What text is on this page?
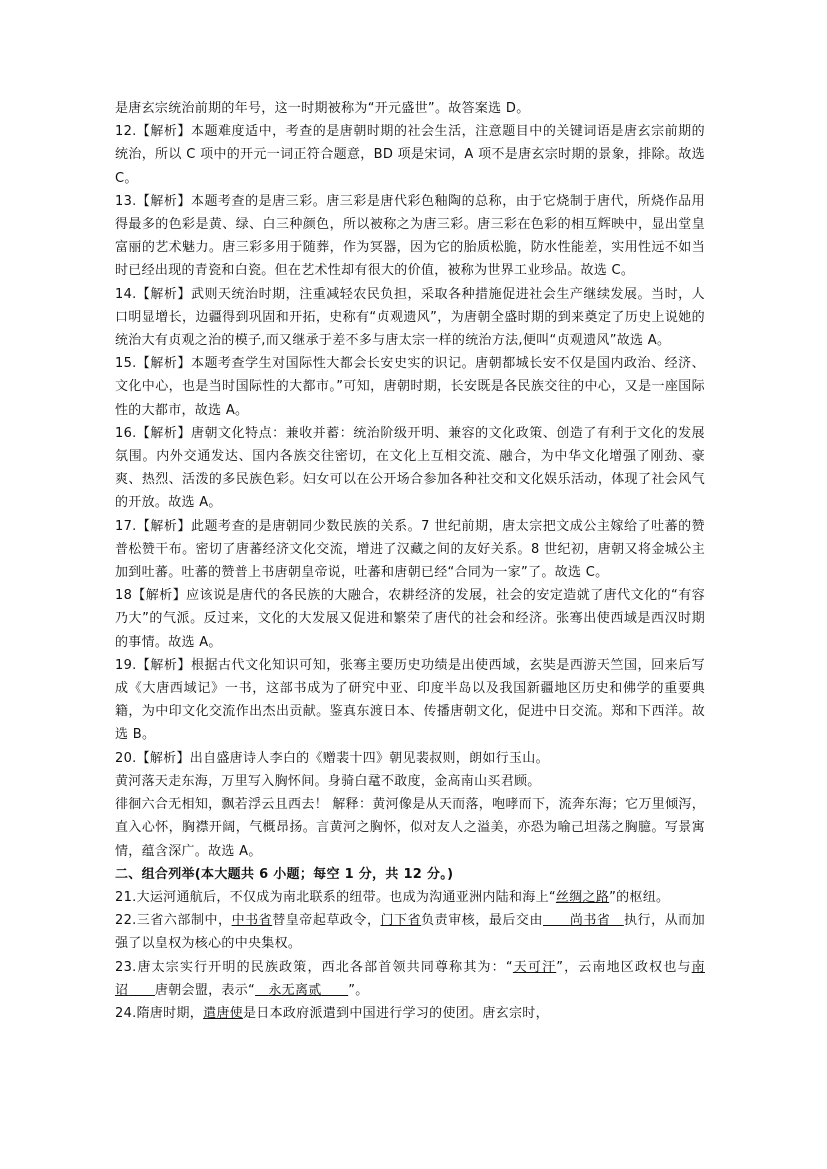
是唐玄宗统治前期的年号，这一时期被称为“开元盛世”。故答案选 D。

12.【解析】本题难度适中，考查的是唐朝时期的社会生活，注意题目中的关键词语是唐玄宗前期的统治，所以 C 项中的开元一词正符合题意，BD 项是宋词，A 项不是唐玄宗时期的景象，排除。故选 C。

13.【解析】本题考查的是唐三彩。唐三彩是唐代彩色釉陶的总称，由于它烧制于唐代，所烧作品用得最多的色彩是黄、绿、白三种颜色，所以被称之为唐三彩。唐三彩在色彩的相互辉映中，显出堂皇富丽的艺术魅力。唐三彩多用于随葬，作为冥器，因为它的胎质松脆，防水性能差，实用性远不如当时已经出现的青瓷和白瓷。但在艺术性却有很大的价值，被称为世界工业珍品。故选 C。

14.【解析】武则天统治时期，注重减轻农民负担，采取各种措施促进社会生产继续发展。当时，人口明显增长，边疆得到巩固和开拓，史称有“贞观遗风”，为唐朝全盛时期的到来奠定了历史上说她的统治大有贞观之治的模子,而又继承于差不多与唐太宗一样的统治方法,便叫“贞观遗风”故选 A。

15.【解析】本题考查学生对国际性大都会长安史实的识记。唐朝都城长安不仅是国内政治、经济、文化中心，也是当时国际性的大都市。”可知，唐朝时期，长安既是各民族交往的中心，又是一座国际性的大都市，故选 A。

16.【解析】唐朝文化特点：兼收并蓄：统治阶级开明、兼容的文化政策、创造了有利于文化的发展氛围。内外交通发达、国内各族交往密切，在文化上互相交流、融合，为中华文化增强了刚劲、豪爽、热烈、活泼的多民族色彩。妇女可以在公开场合参加各种社交和文化娱乐活动，体现了社会风气的开放。故选 A。

17.【解析】此题考查的是唐朝同少数民族的关系。7 世纪前期，唐太宗把文成公主嫁给了吐蕃的赞普松赞干布。密切了唐蕃经济文化交流，增进了汉藏之间的友好关系。8 世纪初，唐朝又将金城公主加到吐蕃。吐蕃的赞普上书唐朝皇帝说，吐蕃和唐朝已经“合同为一家”了。故选 C。

18【解析】应该说是唐代的各民族的大融合，农耕经济的发展，社会的安定造就了唐代文化的“有容乃大”的气派。反过来，文化的大发展又促进和繁荣了唐代的社会和经济。张骞出使西域是西汉时期的事情。故选 A。

19.【解析】根据古代文化知识可知，张骞主要历史功绩是出使西域，玄奘是西游天竺国，回来后写成《大唐西域记》一书，这部书成为了研究中亚、印度半岛以及我国新疆地区历史和佛学的重要典籍，为中印文化交流作出杰出贡献。鉴真东渡日本、传播唐朝文化，促进中日交流。郑和下西洋。故选 B。

20.【解析】出自盛唐诗人李白的《赠裴十四》朝见裴叔则，朗如行玉山。

黄河落天走东海，万里写入胸怀间。身骑白鼋不敢度，金高南山买君顾。

徘徊六合无相知，飘若浮云且西去！ 解释：黄河像是从天而落，咆哮而下，流奔东海；它万里倾泻，直入心怀，胸襟开阔，气概昂扬。言黄河之胸怀，似对友人之溢美，亦恐为喻己坦荡之胸臆。写景寓情，蕴含深广。故选 A。

二、组合列举(本大题共 6 小题；每空 1 分，共 12 分。)

21.大运河通航后，不仅成为南北联系的纽带。也成为沟通亚洲内陆和海上“丝绸之路”的枢纽。

22.三省六部制中，中书省替皇帝起草政令，门下省负责审核，最后交由   尚书省  执行，从而加强了以皇权为核心的中央集权。

23.唐太宗实行开明的民族政策，西北各部首领共同尊称其为：“天可汗”，云南地区政权也与南诏   唐朝会盟，表示“  永无离贰   ”。

24.隋唐时期，遣唐使是日本政府派遣到中国进行学习的使团。唐玄宗时，
